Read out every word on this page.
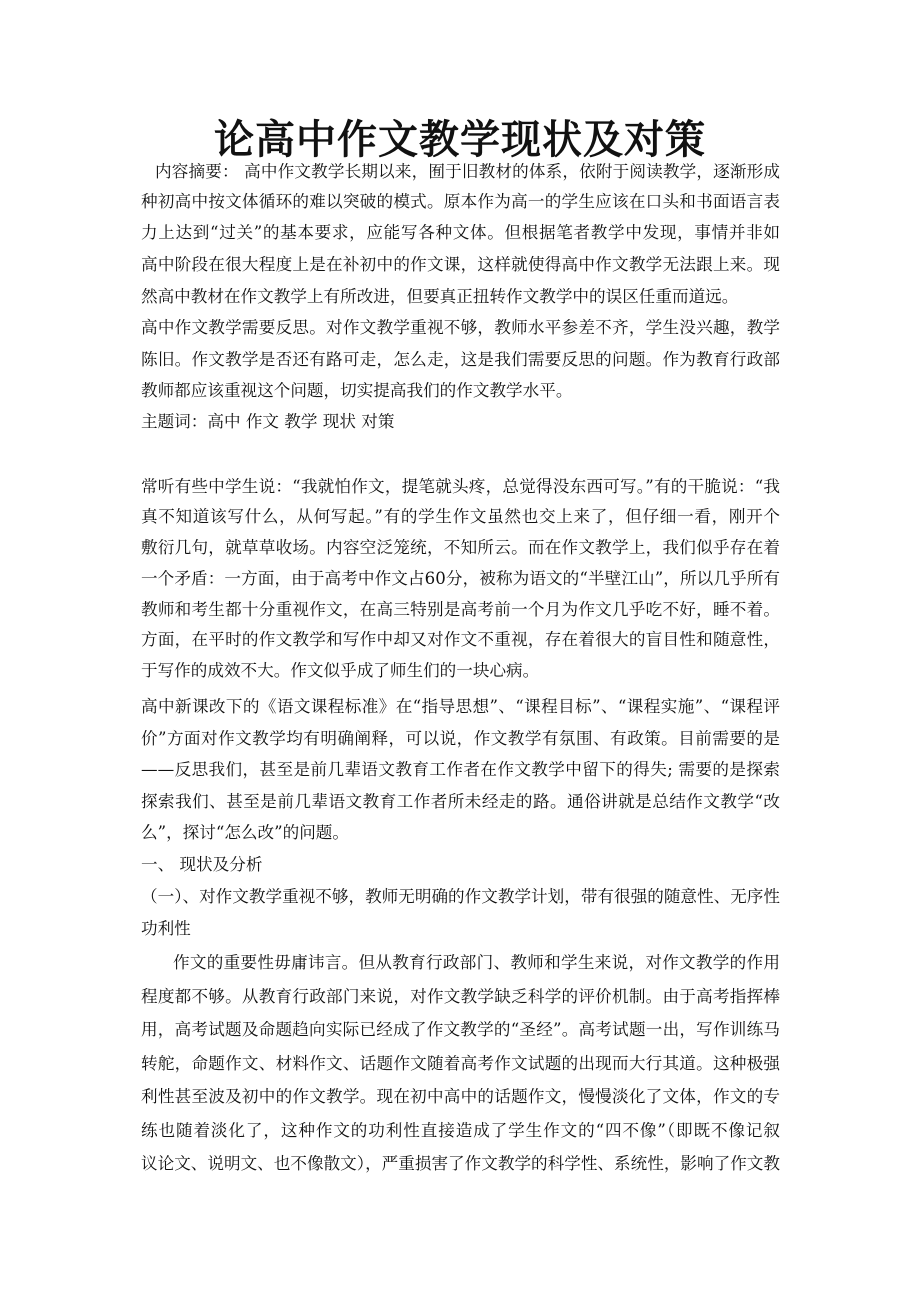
论高中作文教学现状及对策
内容摘要： 高中作文教学长期以来，囿于旧教材的体系，依附于阅读教学，逐渐形成
种初高中按文体循环的难以突破的模式。原本作为高一的学生应该在口头和书面语言表
力上达到“过关”的基本要求，应能写各种文体。但根据笔者教学中发现，事情并非如
高中阶段在很大程度上是在补初中的作文课，这样就使得高中作文教学无法跟上来。现
然高中教材在作文教学上有所改进，但要真正扭转作文教学中的误区任重而道远。
高中作文教学需要反思。对作文教学重视不够，教师水平参差不齐，学生没兴趣，教学
陈旧。作文教学是否还有路可走，怎么走，这是我们需要反思的问题。作为教育行政部
教师都应该重视这个问题，切实提高我们的作文教学水平。
主题词：高中 作文 教学 现状 对策
常听有些中学生说：“我就怕作文，提笔就头疼，总觉得没东西可写。”有的干脆说：“我
真不知道该写什么，从何写起。”有的学生作文虽然也交上来了，但仔细一看，刚开个
敷衍几句，就草草收场。内容空泛笼统，不知所云。而在作文教学上，我们似乎存在着
一个矛盾：一方面，由于高考中作文占60分，被称为语文的“半壁江山”，所以几乎所有
教师和考生都十分重视作文，在高三特别是高考前一个月为作文几乎吃不好，睡不着。
方面，在平时的作文教学和写作中却又对作文不重视，存在着很大的盲目性和随意性，
于写作的成效不大。作文似乎成了师生们的一块心病。
高中新课改下的《语文课程标准》在“指导思想”、“课程目标”、“课程实施”、“课程评
价”方面对作文教学均有明确阐释，可以说，作文教学有氛围、有政策。目前需要的是
——反思我们，甚至是前几辈语文教育工作者在作文教学中留下的得失; 需要的是探索
探索我们、甚至是前几辈语文教育工作者所未经走的路。通俗讲就是总结作文教学“改
么”，探讨“怎么改”的问题。
一、 现状及分析
（一）、对作文教学重视不够，教师无明确的作文教学计划，带有很强的随意性、无序性
功利性
作文的重要性毋庸讳言。但从教育行政部门、教师和学生来说，对作文教学的作用
程度都不够。从教育行政部门来说，对作文教学缺乏科学的评价机制。由于高考指挥棒
用，高考试题及命题趋向实际已经成了作文教学的“圣经”。高考试题一出，写作训练马
转舵，命题作文、材料作文、话题作文随着高考作文试题的出现而大行其道。这种极强
利性甚至波及初中的作文教学。现在初中高中的话题作文，慢慢淡化了文体，作文的专
练也随着淡化了，这种作文的功利性直接造成了学生作文的“四不像”（即既不像记叙
议论文、说明文、也不像散文），严重损害了作文教学的科学性、系统性，影响了作文教
